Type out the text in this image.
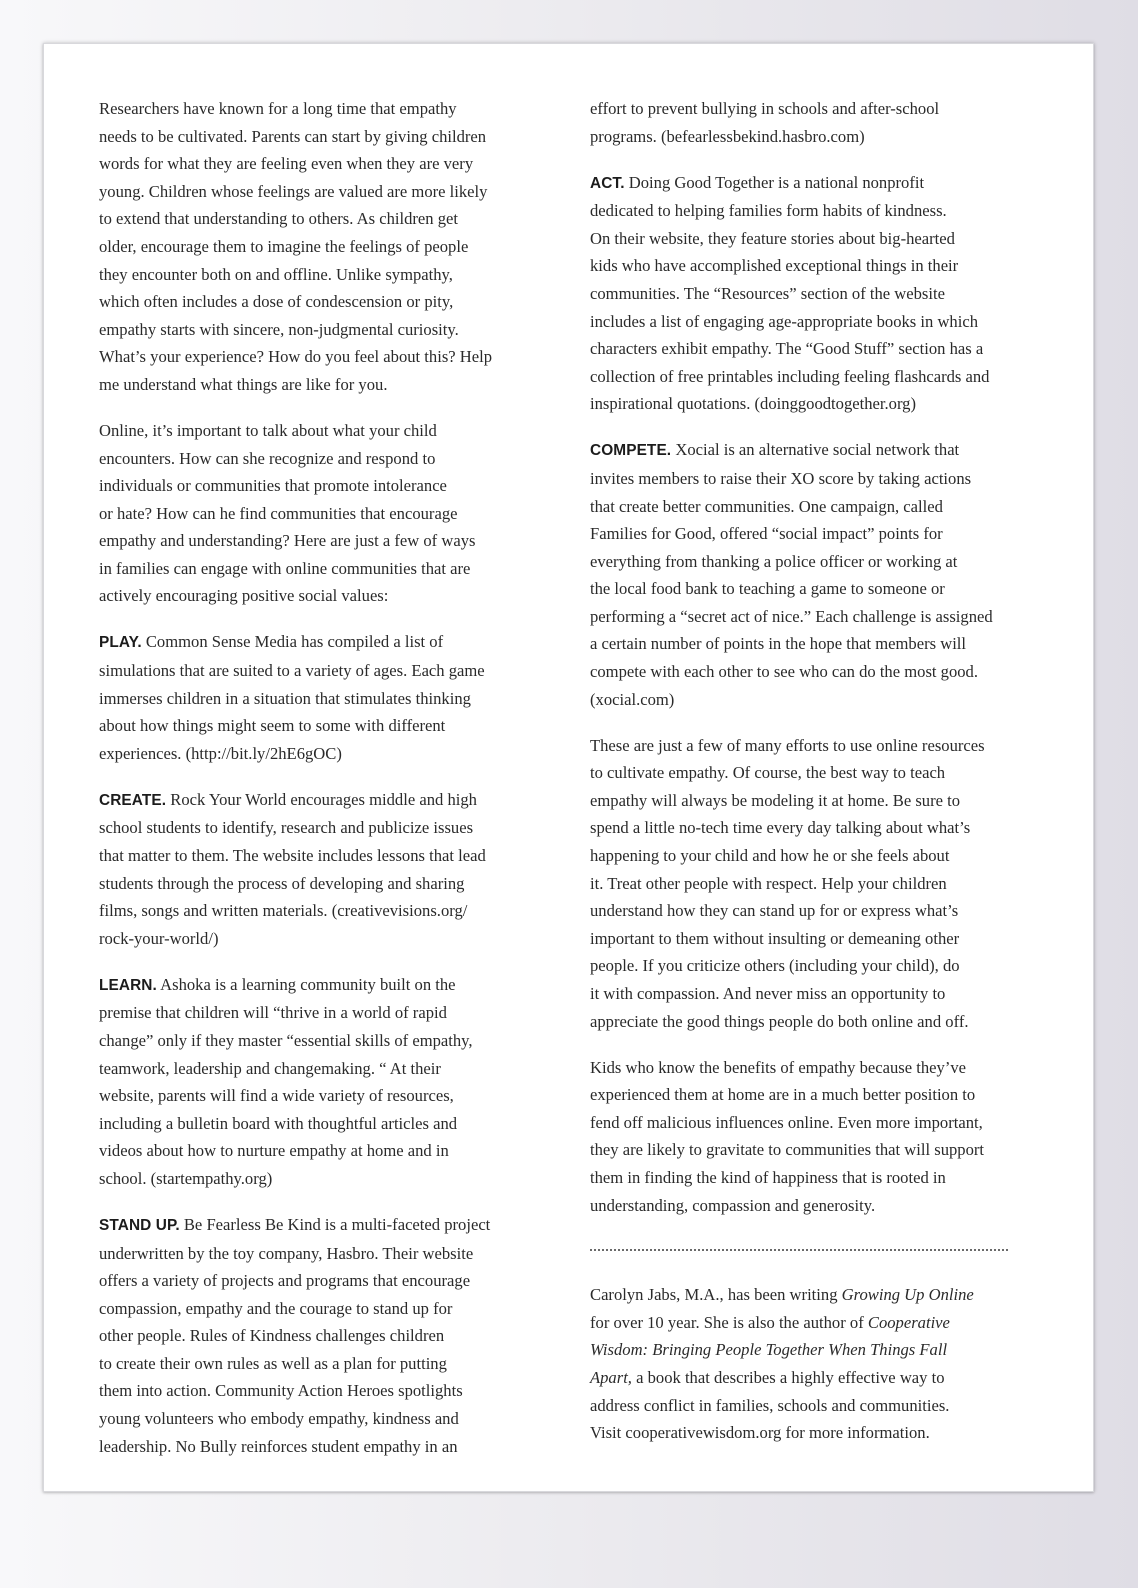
Researchers have known for a long time that empathy
needs to be cultivated. Parents can start by giving children
words for what they are feeling even when they are very
young. Children whose feelings are valued are more likely
to extend that understanding to others. As children get
older, encourage them to imagine the feelings of people
they encounter both on and offline. Unlike sympathy,
which often includes a dose of condescension or pity,
empathy starts with sincere, non-judgmental curiosity.
What’s your experience? How do you feel about this? Help
me understand what things are like for you.
Online, it’s important to talk about what your child
encounters. How can she recognize and respond to
individuals or communities that promote intolerance
or hate? How can he find communities that encourage
empathy and understanding? Here are just a few of ways
in families can engage with online communities that are
actively encouraging positive social values:
PLAY. Common Sense Media has compiled a list of
simulations that are suited to a variety of ages. Each game
immerses children in a situation that stimulates thinking
about how things might seem to some with different
experiences. (http://bit.ly/2hE6gOC)
CREATE. Rock Your World encourages middle and high
school students to identify, research and publicize issues
that matter to them. The website includes lessons that lead
students through the process of developing and sharing
films, songs and written materials. (creativevisions.org/
rock-your-world/)
LEARN. Ashoka is a learning community built on the
premise that children will “thrive in a world of rapid
change” only if they master “essential skills of empathy,
teamwork, leadership and changemaking. “ At their
website, parents will find a wide variety of resources,
including a bulletin board with thoughtful articles and
videos about how to nurture empathy at home and in
school. (startempathy.org)
STAND UP. Be Fearless Be Kind is a multi-faceted project
underwritten by the toy company, Hasbro. Their website
offers a variety of projects and programs that encourage
compassion, empathy and the courage to stand up for
other people. Rules of Kindness challenges children
to create their own rules as well as a plan for putting
them into action. Community Action Heroes spotlights
young volunteers who embody empathy, kindness and
leadership. No Bully reinforces student empathy in an
effort to prevent bullying in schools and after-school
programs. (befearlessbekind.hasbro.com)
ACT. Doing Good Together is a national nonprofit
dedicated to helping families form habits of kindness.
On their website, they feature stories about big-hearted
kids who have accomplished exceptional things in their
communities. The “Resources” section of the website
includes a list of engaging age-appropriate books in which
characters exhibit empathy. The “Good Stuff” section has a
collection of free printables including feeling flashcards and
inspirational quotations. (doinggoodtogether.org)
COMPETE. Xocial is an alternative social network that
invites members to raise their XO score by taking actions
that create better communities. One campaign, called
Families for Good, offered “social impact” points for
everything from thanking a police officer or working at
the local food bank to teaching a game to someone or
performing a “secret act of nice.” Each challenge is assigned
a certain number of points in the hope that members will
compete with each other to see who can do the most good.
(xocial.com)
These are just a few of many efforts to use online resources
to cultivate empathy. Of course, the best way to teach
empathy will always be modeling it at home. Be sure to
spend a little no-tech time every day talking about what’s
happening to your child and how he or she feels about
it. Treat other people with respect. Help your children
understand how they can stand up for or express what’s
important to them without insulting or demeaning other
people. If you criticize others (including your child), do
it with compassion. And never miss an opportunity to
appreciate the good things people do both online and off.
Kids who know the benefits of empathy because they’ve
experienced them at home are in a much better position to
fend off malicious influences online. Even more important,
they are likely to gravitate to communities that will support
them in finding the kind of happiness that is rooted in
understanding, compassion and generosity.
Carolyn Jabs, M.A., has been writing Growing Up Online
for over 10 year. She is also the author of Cooperative
Wisdom: Bringing People Together When Things Fall
Apart, a book that describes a highly effective way to
address conflict in families, schools and communities.
Visit cooperativewisdom.org for more information.
